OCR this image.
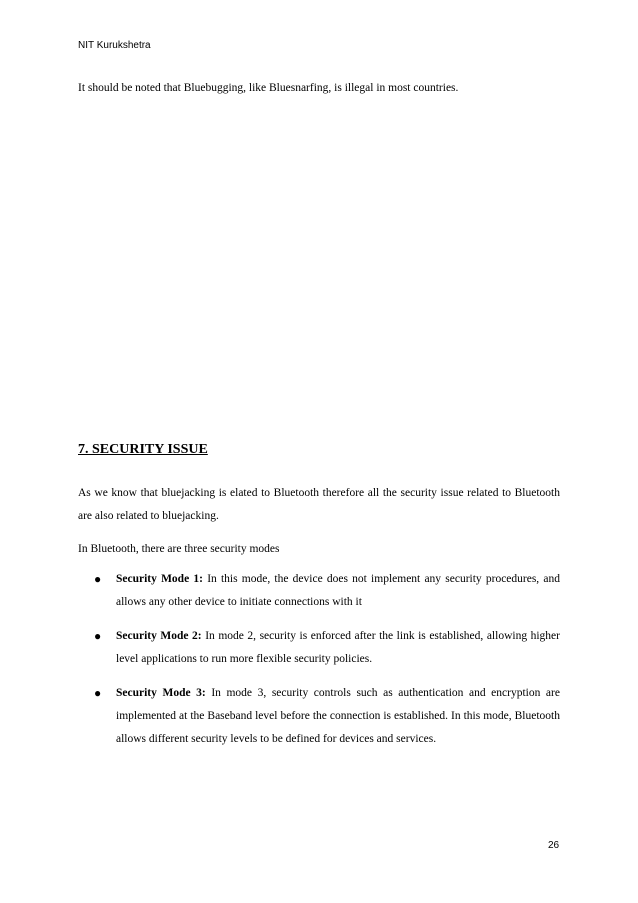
NIT Kurukshetra
It should be noted that Bluebugging, like Bluesnarfing, is illegal in most countries.
7. SECURITY ISSUE
As we know that bluejacking is elated to Bluetooth therefore all the security issue related to Bluetooth are also related to bluejacking.
In Bluetooth, there are three security modes
● Security Mode 1: In this mode, the device does not implement any security procedures, and allows any other device to initiate connections with it
● Security Mode 2: In mode 2, security is enforced after the link is established, allowing higher level applications to run more flexible security policies.
● Security Mode 3: In mode 3, security controls such as authentication and encryption are implemented at the Baseband level before the connection is established. In this mode, Bluetooth allows different security levels to be defined for devices and services.
26
